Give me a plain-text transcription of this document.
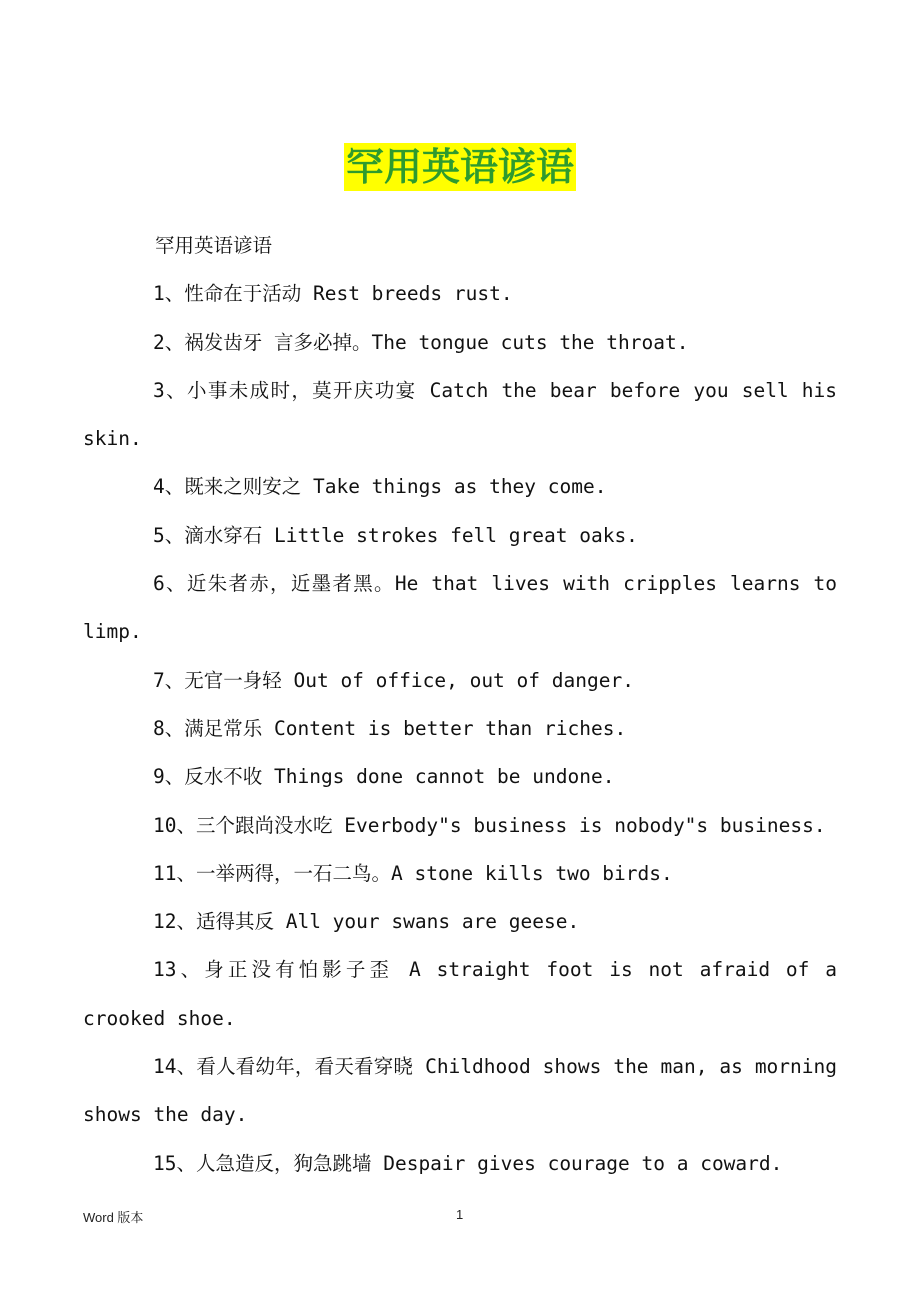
罕用英语谚语

罕用英语谚语

1、性命在于活动 Rest breeds rust.

2、祸发齿牙 言多必掉。The tongue cuts the throat.

3、小事未成时，莫开庆功宴 Catch the bear before you sell his skin.

4、既来之则安之 Take things as they come.

5、滴水穿石 Little strokes fell great oaks.

6、近朱者赤，近墨者黑。He that lives with cripples learns to limp.

7、无官一身轻 Out of office, out of danger.

8、满足常乐 Content is better than riches.

9、反水不收 Things done cannot be undone.

10、三个跟尚没水吃 Everbody"s business is nobody"s business.

11、一举两得，一石二鸟。A stone kills two birds.

12、适得其反 All your swans are geese.

13、身正没有怕影子歪 A straight foot is not afraid of a crooked shoe.

14、看人看幼年，看天看穿晓 Childhood shows the man, as morning shows the day.

15、人急造反，狗急跳墙 Despair gives courage to a coward.

Word 版本	1
